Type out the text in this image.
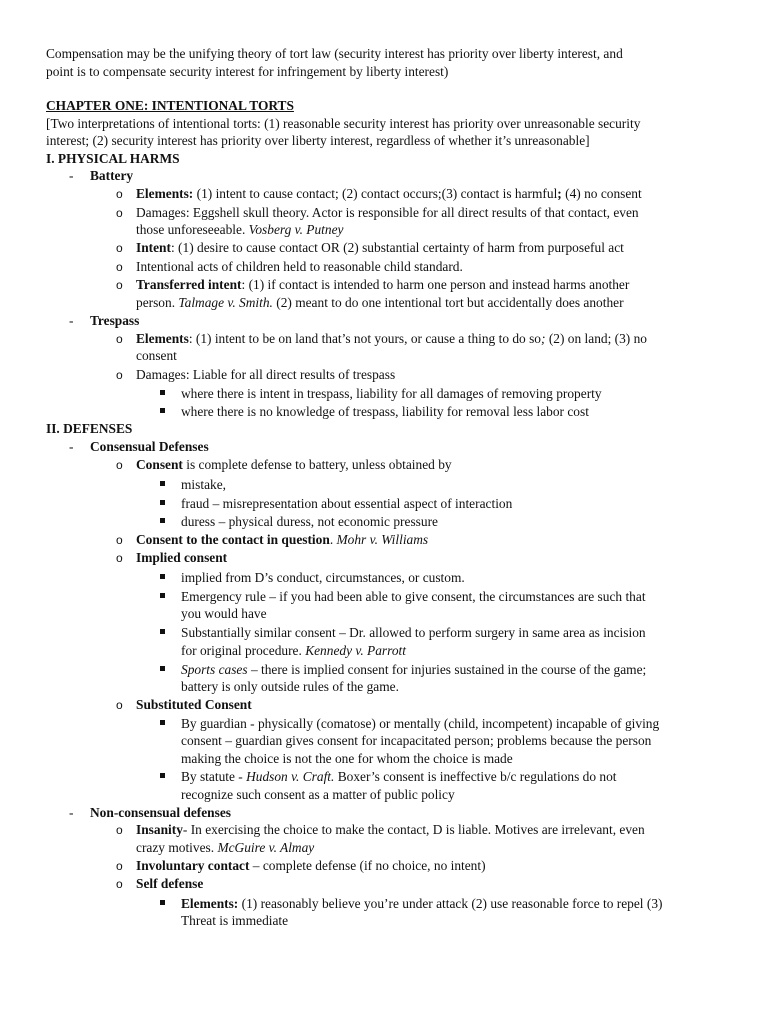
Compensation may be the unifying theory of tort law (security interest has priority over liberty interest, and
point is to compensate security interest for infringement by liberty interest)
CHAPTER ONE: INTENTIONAL TORTS
[Two interpretations of intentional torts: (1) reasonable security interest has priority over unreasonable security
interest; (2) security interest has priority over liberty interest, regardless of whether it’s unreasonable]
I. PHYSICAL HARMS
- Battery
o Elements: (1) intent to cause contact; (2) contact occurs;(3) contact is harmful; (4) no consent
o Damages: Eggshell skull theory. Actor is responsible for all direct results of that contact, even
those unforeseeable. Vosberg v. Putney
o Intent: (1) desire to cause contact OR (2) substantial certainty of harm from purposeful act
o Intentional acts of children held to reasonable child standard.
o Transferred intent: (1) if contact is intended to harm one person and instead harms another
person. Talmage v. Smith. (2) meant to do one intentional tort but accidentally does another
- Trespass
o Elements: (1) intent to be on land that’s not yours, or cause a thing to do so; (2) on land; (3) no
consent
o Damages: Liable for all direct results of trespass
where there is intent in trespass, liability for all damages of removing property
where there is no knowledge of trespass, liability for removal less labor cost
II. DEFENSES
- Consensual Defenses
o Consent is complete defense to battery, unless obtained by
mistake,
fraud – misrepresentation about essential aspect of interaction
duress – physical duress, not economic pressure
o Consent to the contact in question. Mohr v. Williams
o Implied consent
implied from D’s conduct, circumstances, or custom.
Emergency rule – if you had been able to give consent, the circumstances are such that
you would have
Substantially similar consent – Dr. allowed to perform surgery in same area as incision
for original procedure. Kennedy v. Parrott
Sports cases – there is implied consent for injuries sustained in the course of the game;
battery is only outside rules of the game.
o Substituted Consent
By guardian - physically (comatose) or mentally (child, incompetent) incapable of giving
consent – guardian gives consent for incapacitated person; problems because the person
making the choice is not the one for whom the choice is made
By statute - Hudson v. Craft. Boxer’s consent is ineffective b/c regulations do not
recognize such consent as a matter of public policy
- Non-consensual defenses
o Insanity- In exercising the choice to make the contact, D is liable. Motives are irrelevant, even
crazy motives. McGuire v. Almay
o Involuntary contact – complete defense (if no choice, no intent)
o Self defense
Elements: (1) reasonably believe you’re under attack (2) use reasonable force to repel (3)
Threat is immediate
